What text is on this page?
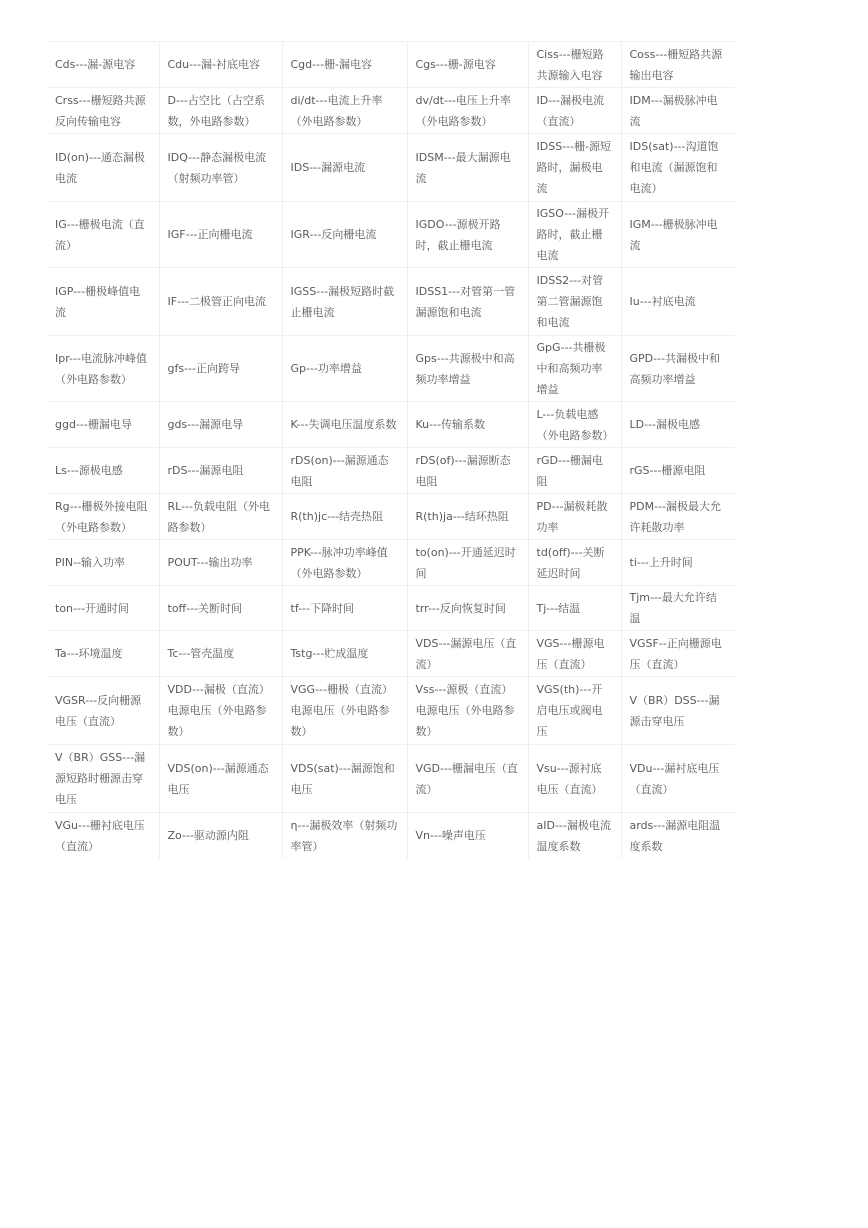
Cds---漏-源电容	Cdu---漏-衬底电容	Cgd---栅-漏电容	Cgs---栅-源电容	Ciss---栅短路共源输入电容	Coss---栅短路共源输出电容
Crss---栅短路共源反向传输电容	D---占空比（占空系数，外电路参数）	di/dt---电流上升率（外电路参数）	dv/dt---电压上升率（外电路参数）	ID---漏极电流（直流）	IDM---漏极脉冲电流
ID(on)---通态漏极电流	IDQ---静态漏极电流（射频功率管）	IDS---漏源电流	IDSM---最大漏源电流	IDSS---栅-源短路时，漏极电流	IDS(sat)---沟道饱和电流（漏源饱和电流）
IG---栅极电流（直流）	IGF---正向栅电流	IGR---反向栅电流	IGDO---源极开路时，截止栅电流	IGSO---漏极开路时，截止栅电流	IGM---栅极脉冲电流
IGP---栅极峰值电流	IF---二极管正向电流	IGSS---漏极短路时截止栅电流	IDSS1---对管第一管漏源饱和电流	IDSS2---对管第二管漏源饱和电流	Iu---衬底电流
Ipr---电流脉冲峰值（外电路参数）	gfs---正向跨导	Gp---功率增益	Gps---共源极中和高频功率增益	GpG---共栅极中和高频功率增益	GPD---共漏极中和高频功率增益
ggd---栅漏电导	gds---漏源电导	K---失调电压温度系数	Ku---传输系数	L---负载电感（外电路参数）	LD---漏极电感
Ls---源极电感	rDS---漏源电阻	rDS(on)---漏源通态电阻	rDS(of)---漏源断态电阻	rGD---栅漏电阻	rGS---栅源电阻
Rg---栅极外接电阻（外电路参数）	RL---负载电阻（外电路参数）	R(th)jc---结壳热阻	R(th)ja---结环热阻	PD---漏极耗散功率	PDM---漏极最大允许耗散功率
PIN--输入功率	POUT---输出功率	PPK---脉冲功率峰值（外电路参数）	to(on)---开通延迟时间	td(off)---关断延迟时间	ti---上升时间
ton---开通时间	toff---关断时间	tf---下降时间	trr---反向恢复时间	Tj---结温	Tjm---最大允许结温
Ta---环境温度	Tc---管壳温度	Tstg---贮成温度	VDS---漏源电压（直流）	VGS---栅源电压（直流）	VGSF--正向栅源电压（直流）
VGSR---反向栅源电压（直流）	VDD---漏极（直流）电源电压（外电路参数）	VGG---栅极（直流）电源电压（外电路参数）	Vss---源极（直流）电源电压（外电路参数）	VGS(th)---开启电压或阀电压	V（BR）DSS---漏源击穿电压
V（BR）GSS---漏源短路时栅源击穿电压	VDS(on)---漏源通态电压	VDS(sat)---漏源饱和电压	VGD---栅漏电压（直流）	Vsu---源衬底电压（直流）	VDu---漏衬底电压（直流）
VGu---栅衬底电压（直流）	Zo---驱动源内阻	η---漏极效率（射频功率管）	Vn---噪声电压	aID---漏极电流温度系数	ards---漏源电阻温度系数
